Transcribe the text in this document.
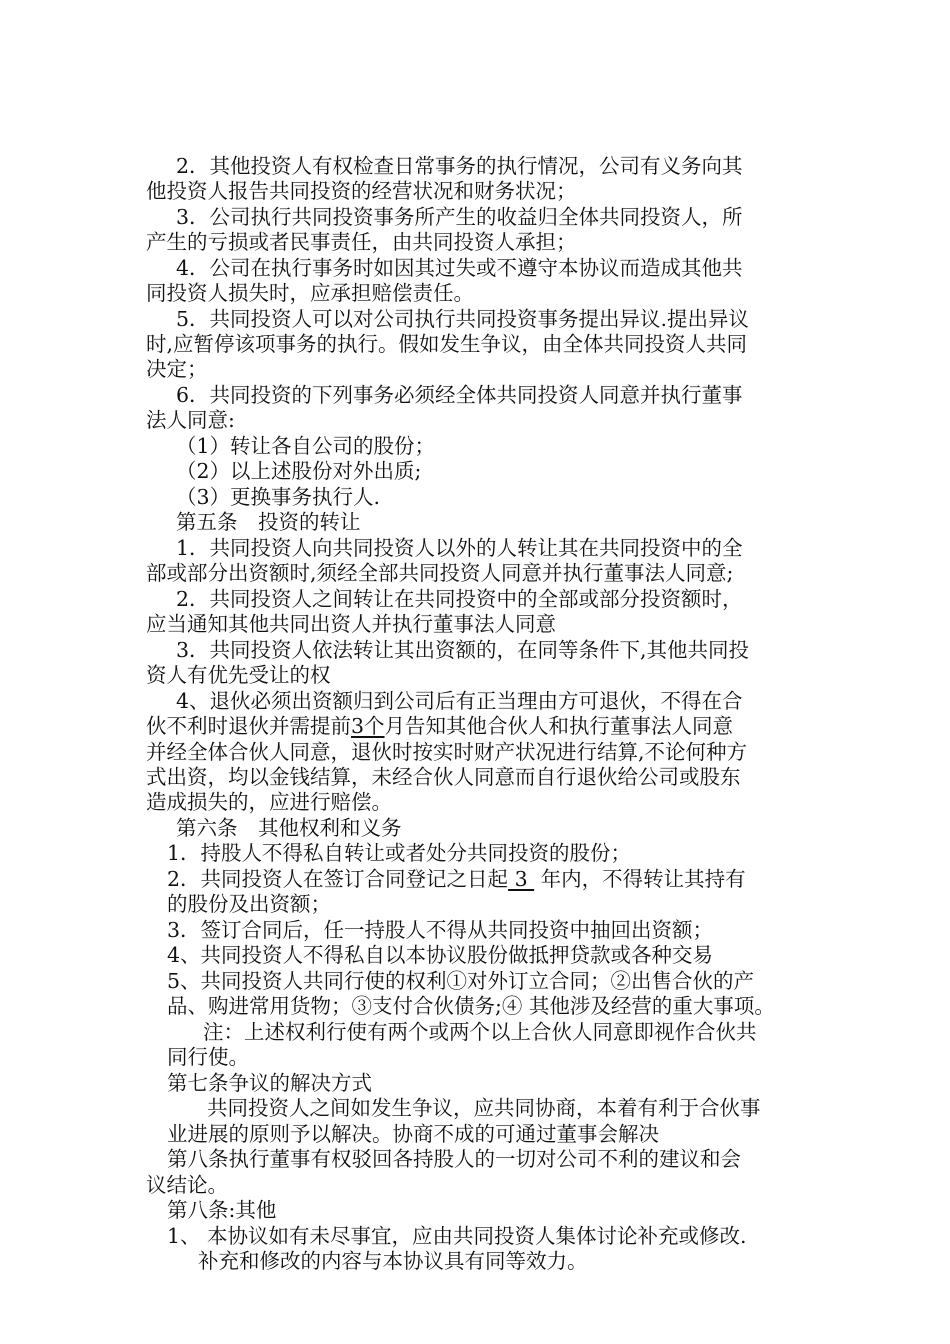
2．其他投资人有权检查日常事务的执行情况，公司有义务向其

他投资人报告共同投资的经营状况和财务状况；

3．公司执行共同投资事务所产生的收益归全体共同投资人，所

产生的亏损或者民事责任，由共同投资人承担；

4．公司在执行事务时如因其过失或不遵守本协议而造成其他共

同投资人损失时，应承担赔偿责任。

5．共同投资人可以对公司执行共同投资事务提出异议.提出异议

时,应暂停该项事务的执行。假如发生争议，由全体共同投资人共同

决定；

6．共同投资的下列事务必须经全体共同投资人同意并执行董事

法人同意:

（1）转让各自公司的股份；

（2）以上述股份对外出质;

（3）更换事务执行人.

第五条　投资的转让

1．共同投资人向共同投资人以外的人转让其在共同投资中的全

部或部分出资额时,须经全部共同投资人同意并执行董事法人同意;

2．共同投资人之间转让在共同投资中的全部或部分投资额时，

应当通知其他共同出资人并执行董事法人同意

3．共同投资人依法转让其出资额的，在同等条件下,其他共同投

资人有优先受让的权

4、退伙必须出资额归到公司后有正当理由方可退伙，不得在合

伙不利时退伙并需提前3个月告知其他合伙人和执行董事法人同意

并经全体合伙人同意，退伙时按实时财产状况进行结算,不论何种方

式出资，均以金钱结算，未经合伙人同意而自行退伙给公司或股东

造成损失的，应进行赔偿。

第六条　其他权利和义务

1．持股人不得私自转让或者处分共同投资的股份；

2．共同投资人在签订合同登记之日起 3  年内，不得转让其持有

的股份及出资额；

3．签订合同后，任一持股人不得从共同投资中抽回出资额；

4、共同投资人不得私自以本协议股份做抵押贷款或各种交易

5、共同投资人共同行使的权利①对外订立合同；②出售合伙的产

品、购进常用货物；③支付合伙债务;④ 其他涉及经营的重大事项。

注：上述权利行使有两个或两个以上合伙人同意即视作合伙共

同行使。

第七条争议的解决方式

共同投资人之间如发生争议，应共同协商，本着有利于合伙事

业进展的原则予以解决。协商不成的可通过董事会解决

第八条执行董事有权驳回各持股人的一切对公司不利的建议和会

议结论。

第八条:其他

1、 本协议如有未尽事宜，应由共同投资人集体讨论补充或修改.

补充和修改的内容与本协议具有同等效力。
